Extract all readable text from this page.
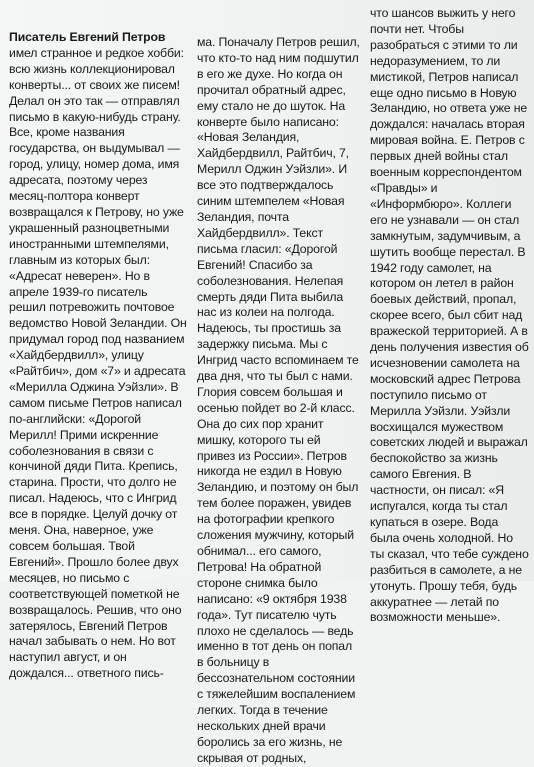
Писатель Евгений Петров

имел странное и редкое хобби: всю жизнь коллекционировал конверты... от своих же писем! Делал он это так — отправлял письмо в какую-нибудь страну. Все, кроме названия государства, он выдумывал — город, улицу, номер дома, имя адресата, поэтому через месяц-полтора конверт возвращался к Петрову, но уже украшенный разноцветными иностранными штемпелями, главным из которых был: «Адресат неверен». Но в апреле 1939-го писатель решил потревожить почтовое ведомство Новой Зеландии. Он придумал город под названием «Хайдбердвилл», улицу «Райтбич», дом «7» и адресата «Мерилла Оджина Уэйзли». В самом письме Петров написал по-английски: «Дорогой Мерилл! Прими искренние соболезнования в связи с кончиной дяди Пита. Крепись, старина. Прости, что долго не писал. Надеюсь, что с Ингрид все в порядке. Целуй дочку от меня. Она, наверное, уже совсем большая. Твой Евгений». Прошло более двух месяцев, но письмо с соответствующей пометкой не возвращалось. Решив, что оно затерялось, Евгений Петров начал забывать о нем. Но вот наступил август, и он дождался... ответного пись-

ма. Поначалу Петров решил, что кто-то над ним подшутил в его же духе. Но когда он прочитал обратный адрес, ему стало не до шуток. На конверте было написано: «Новая Зеландия, Хайдбердвилл, Райтбич, 7, Мерилл Оджин Уэйзли». И все это подтверждалось синим штемпелем «Новая Зеландия, почта Хайдбердвилл». Текст письма гласил: «Дорогой Евгений! Спасибо за соболезнования. Нелепая смерть дяди Пита выбила нас из колеи на полгода. Надеюсь, ты простишь за задержку письма. Мы с Ингрид часто вспоминаем те два дня, что ты был с нами. Глория совсем большая и осенью пойдет во 2-й класс. Она до сих пор хранит мишку, которого ты ей привез из России». Петров никогда не ездил в Новую Зеландию, и поэтому он был тем более поражен, увидев на фотографии крепкого сложения мужчину, который обнимал... его самого, Петрова! На обратной стороне снимка было написано: «9 октября 1938 года». Тут писателю чуть плохо не сделалось — ведь именно в тот день он попал в больницу в бессознательном состоянии с тяжелейшим воспалением легких. Тогда в течение нескольких дней врачи боролись за его жизнь, не скрывая от родных,

что шансов выжить у него почти нет. Чтобы разобраться с этими то ли недоразумением, то ли мистикой, Петров написал еще одно письмо в Новую Зеландию, но ответа уже не дождался: началась вторая мировая война. Е. Петров с первых дней войны стал военным корреспондентом «Правды» и «Информбюро». Коллеги его не узнавали — он стал замкнутым, задумчивым, а шутить вообще перестал. В 1942 году самолет, на котором он летел в район боевых действий, пропал, скорее всего, был сбит над вражеской территорией. А в день получения известия об исчезновении самолета на московский адрес Петрова поступило письмо от Мерилла Уэйзли. Уэйзли восхищался мужеством советских людей и выражал беспокойство за жизнь самого Евгения. В частности, он писал: «Я испугался, когда ты стал купаться в озере. Вода была очень холодной. Но ты сказал, что тебе суждено разбиться в самолете, а не утонуть. Прошу тебя, будь аккуратнее — летай по возможности меньше».
